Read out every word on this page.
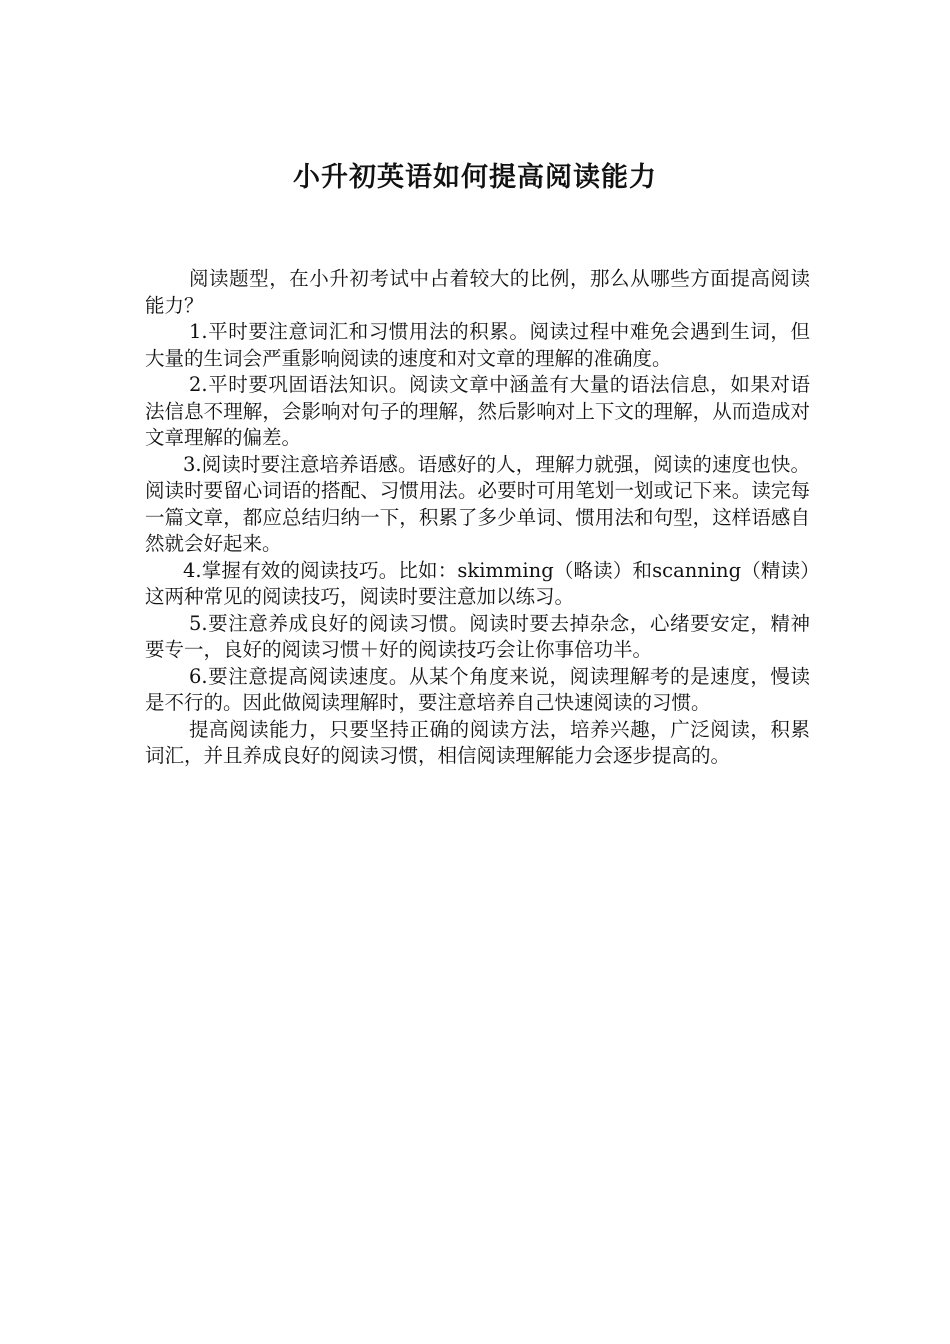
小升初英语如何提高阅读能力

阅读题型，在小升初考试中占着较大的比例，那么从哪些方面提高阅读能力？

1.平时要注意词汇和习惯用法的积累。阅读过程中难免会遇到生词，但大量的生词会严重影响阅读的速度和对文章的理解的准确度。

2.平时要巩固语法知识。阅读文章中涵盖有大量的语法信息，如果对语法信息不理解，会影响对句子的理解，然后影响对上下文的理解，从而造成对文章理解的偏差。

3.阅读时要注意培养语感。语感好的人，理解力就强，阅读的速度也快。阅读时要留心词语的搭配、习惯用法。必要时可用笔划一划或记下来。读完每一篇文章，都应总结归纳一下，积累了多少单词、惯用法和句型，这样语感自然就会好起来。

4.掌握有效的阅读技巧。比如：skimming（略读）和scanning（精读）这两种常见的阅读技巧，阅读时要注意加以练习。

5.要注意养成良好的阅读习惯。阅读时要去掉杂念，心绪要安定，精神要专一，良好的阅读习惯＋好的阅读技巧会让你事倍功半。

6.要注意提高阅读速度。从某个角度来说，阅读理解考的是速度，慢读是不行的。因此做阅读理解时，要注意培养自己快速阅读的习惯。

提高阅读能力，只要坚持正确的阅读方法，培养兴趣，广泛阅读，积累词汇，并且养成良好的阅读习惯，相信阅读理解能力会逐步提高的。
